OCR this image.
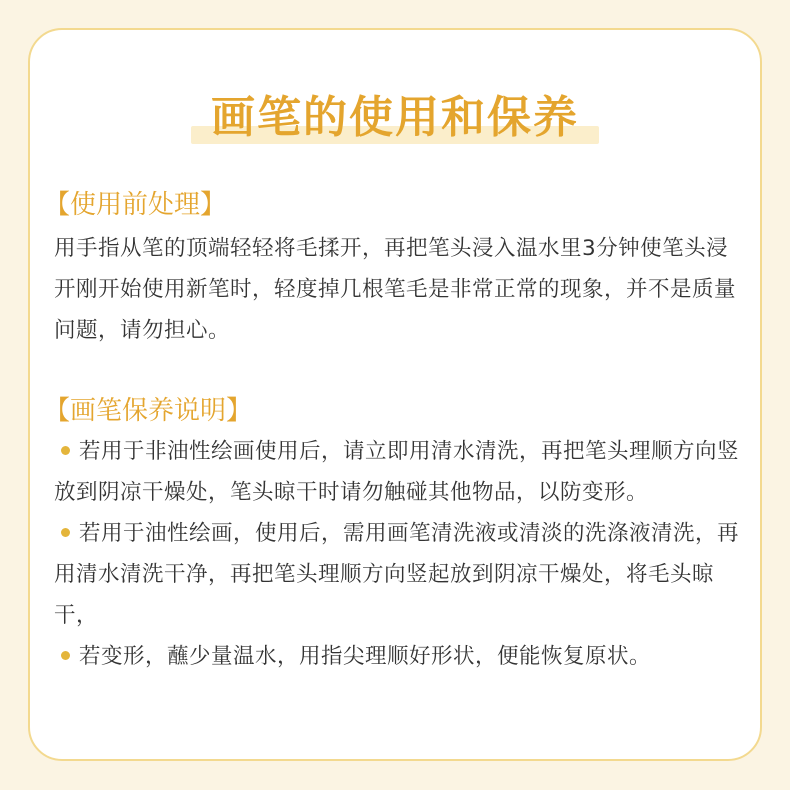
画笔的使用和保养
【使用前处理】
用手指从笔的顶端轻轻将毛揉开，再把笔头浸入温水里3分钟使笔头浸开刚开始使用新笔时，轻度掉几根笔毛是非常正常的现象，并不是质量问题，请勿担心。
【画笔保养说明】
若用于非油性绘画使用后，请立即用清水清洗，再把笔头理顺方向竖放到阴凉干燥处，笔头晾干时请勿触碰其他物品，以防变形。
若用于油性绘画，使用后，需用画笔清洗液或清淡的洗涤液清洗，再用清水清洗干净，再把笔头理顺方向竖起放到阴凉干燥处，将毛头晾干，
若变形，蘸少量温水，用指尖理顺好形状，便能恢复原状。
